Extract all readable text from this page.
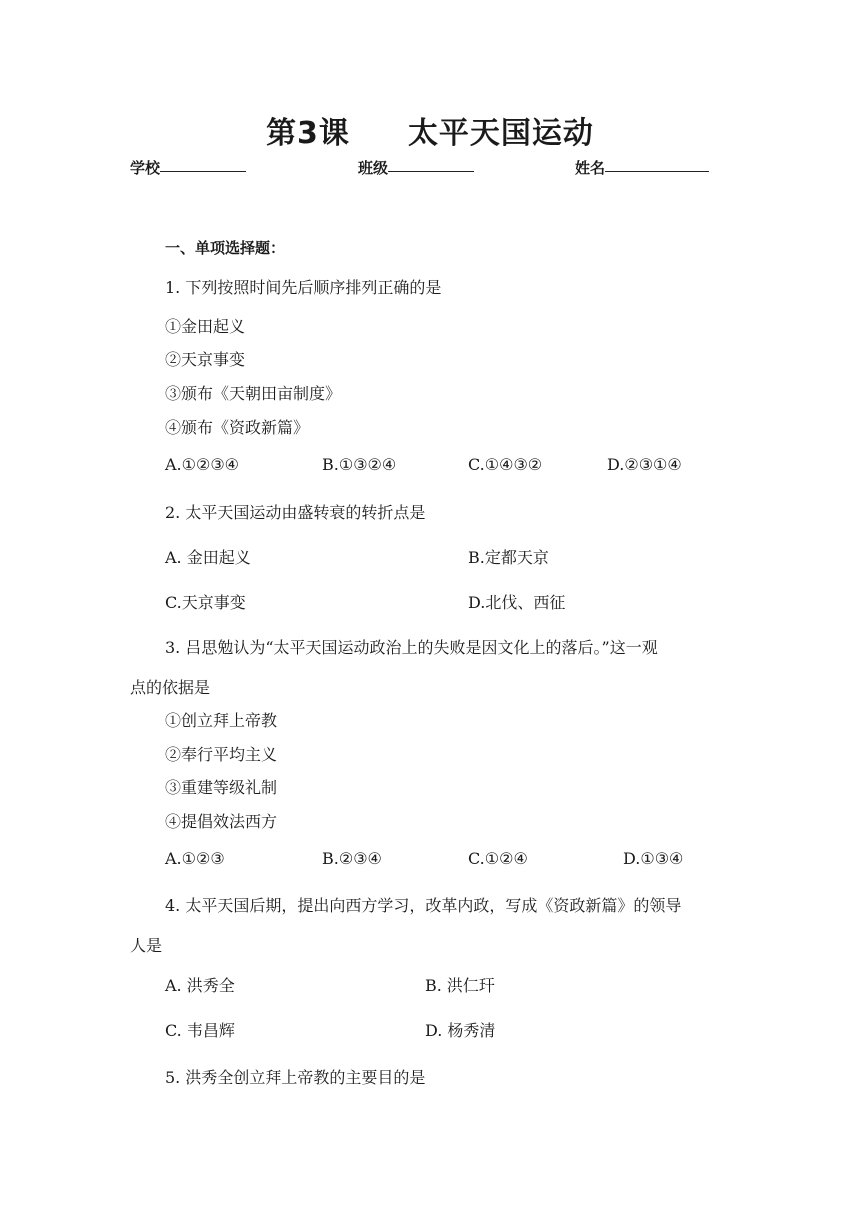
第3课 太平天国运动
学校	班级	姓名
一、单项选择题：
1. 下列按照时间先后顺序排列正确的是
①金田起义
②天京事变
③颁布《天朝田亩制度》
④颁布《资政新篇》
A.①②③④	B.①③②④	C.①④③②	D.②③①④
2. 太平天国运动由盛转衰的转折点是
A. 金田起义	B.定都天京
C.天京事变	D.北伐、西征
3. 吕思勉认为“太平天国运动政治上的失败是因文化上的落后。”这一观
点的依据是
①创立拜上帝教
②奉行平均主义
③重建等级礼制
④提倡效法西方
A.①②③	B.②③④	C.①②④	D.①③④
4. 太平天国后期，提出向西方学习，改革内政，写成《资政新篇》的领导
人是
A. 洪秀全	B. 洪仁玕
C. 韦昌辉	D. 杨秀清
5. 洪秀全创立拜上帝教的主要目的是
